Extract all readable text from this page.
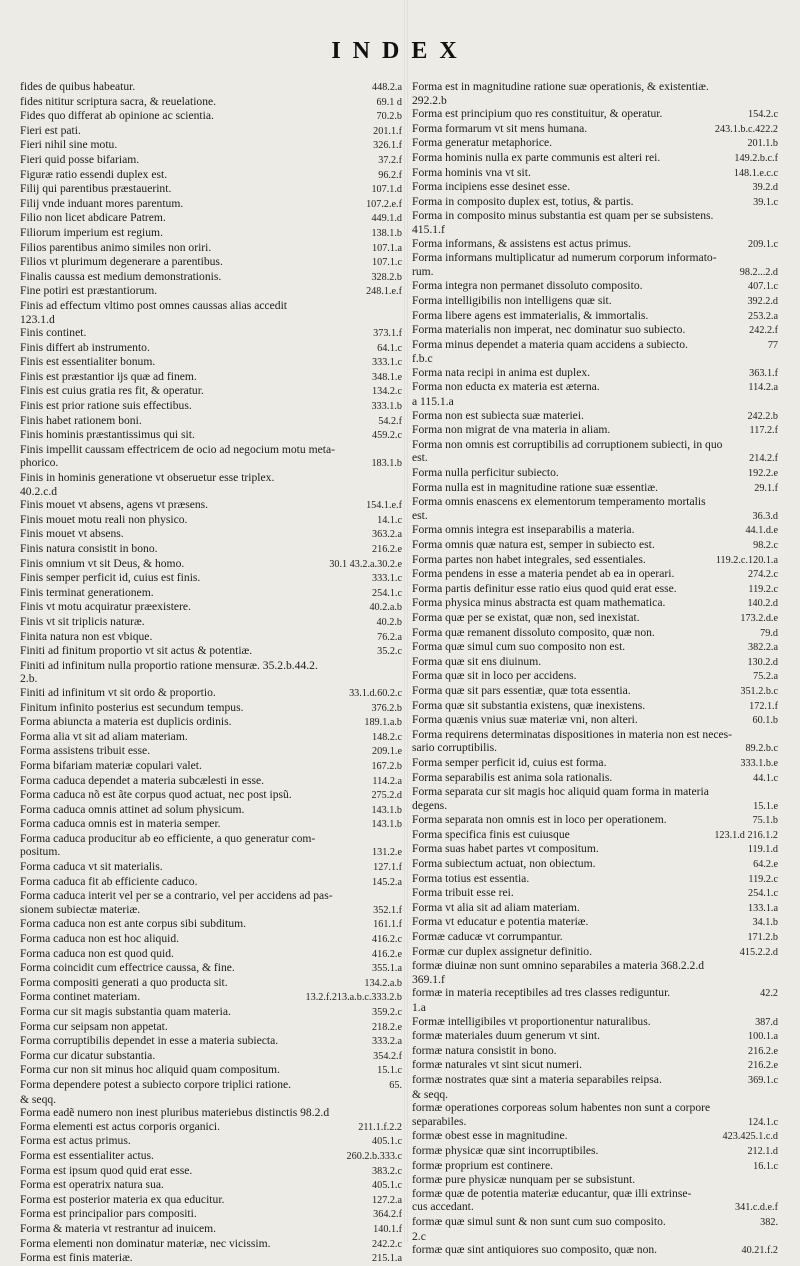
INDEX
fides de quibus habeatur.	448.2.a
fides nititur scriptura sacra, & reuelatione.	69.1 d
Fides quo differat ab opinione ac scientia.	70.2.b
Fieri est pati.	201.1.f
Fieri nihil sine motu.	326.1.f
Fieri quid posse bifariam.	37.2.f
Figuræ ratio essendi duplex est.	96.2.f
Filij qui parentibus præstauerint.	107.1.d
Filij vnde induant mores parentum.	107.2.e.f
Filio non licet abdicare Patrem.	449.1.d
Filiorum imperium est regium.	138.1.b
Filios parentibus animo similes non oriri.	107.1.a
Filios vt plurimum degenerare a parentibus.	107.1.c
Finalis caussa est medium demonstrationis.	328.2.b
Fine potiri est præstantiorum.	248.1.e.f
Finis ad effectum vltimo post omnes caussas alias accedit
123.1.d
Finis continet.	373.1.f
Finis differt ab instrumento.	64.1.c
Finis est essentialiter bonum.	333.1.c
Finis est præstantior ijs quæ ad finem.	348.1.e
Finis est cuius gratia res fit, & operatur.	134.2.c
Finis est prior ratione suis effectibus.	333.1.b
Finis habet rationem boni.	54.2.f
Finis hominis præstantissimus qui sit.	459.2.c
Finis impellit caussam effectricem de ocio ad negocium motu meta-
phorico.	183.1.b
Finis in hominis generatione vt obseruetur esse triplex.
40.2.c.d
Finis mouet vt absens, agens vt præsens.	154.1.e.f
Finis mouet motu reali non physico.	14.1.c
Finis mouet vt absens.	363.2.a
Finis natura consistit in bono.	216.2.e
Finis omnium vt sit Deus, & homo.	30.1 43.2.a.30.2.e
Finis semper perficit id, cuius est finis.	333.1.c
Finis terminat generationem.	254.1.c
Finis vt motu acquiratur præexistere.	40.2.a.b
Finis vt sit triplicis naturæ.	40.2.b
Finita natura non est vbique.	76.2.a
Finiti ad finitum proportio vt sit actus & potentiæ.	35.2.c
Finiti ad infinitum nulla proportio ratione mensuræ. 35.2.b.44.2.
2.b.
Finiti ad infinitum vt sit ordo & proportio.	33.1.d.60.2.c
Finitum infinito posterius est secundum tempus.	376.2.b
Forma abiuncta a materia est duplicis ordinis.	189.1.a.b
Forma alia vt sit ad aliam materiam.	148.2.c
Forma assistens tribuit esse.	209.1.e
Forma bifariam materiæ copulari valet.	167.2.b
Forma caduca dependet a materia subcælesti in esse.	114.2.a
Forma caduca nõ est ãte corpus quod actuat, nec post ipsũ.	275.2.d
Forma caduca omnis attinet ad solum physicum.	143.1.b
Forma caduca omnis est in materia semper.	143.1.b
Forma caduca producitur ab eo efficiente, a quo generatur com-
positum.	131.2.e
Forma caduca vt sit materialis.	127.1.f
Forma caduca fit ab efficiente caduco.	145.2.a
Forma caduca interit vel per se a contrario, vel per accidens ad pas-
sionem subiectæ materiæ.	352.1.f
Forma caduca non est ante corpus sibi subditum.	161.1.f
Forma caduca non est hoc aliquid.	416.2.c
Forma caduca non est quod quid.	416.2.e
Forma coincidit cum effectrice caussa, & fine.	355.1.a
Forma compositi generati a quo producta sit.	134.2.a.b
Forma continet materiam.	13.2.f.213.a.b.c.333.2.b
Forma cur sit magis substantia quam materia.	359.2.c
Forma cur seipsam non appetat.	218.2.e
Forma corruptibilis dependet in esse a materia subiecta.	333.2.a
Forma cur dicatur substantia.	354.2.f
Forma cur non sit minus hoc aliquid quam compositum.	15.1.c
Forma dependere potest a subiecto corpore triplici ratione.	65.
& seqq.
Forma eadẽ numero non inest pluribus materiebus distinctis 98.2.d
Forma elementi est actus corporis organici.	211.1.f.2.2
Forma est actus primus.	405.1.c
Forma est essentialiter actus.	260.2.b.333.c
Forma est ipsum quod quid erat esse.	383.2.c
Forma est operatrix natura sua.	405.1.c
Forma est posterior materia ex qua educitur.	127.2.a
Forma est principalior pars compositi.	364.2.f
Forma & materia vt restrantur ad inuicem.	140.1.f
Forma elementi non dominatur materiæ, nec vicissim.	242.2.c
Forma est finis materiæ.	215.1.a
Forma est in magnitudine ratione suæ operationis, & existentiæ.
292.2.b
Forma est principium quo res constituitur, & operatur.	154.2.c
Forma formarum vt sit mens humana.	243.1.b.c.422.2
Forma generatur metaphorice.	201.1.b
Forma hominis nulla ex parte communis est alteri rei.	149.2.b.c.f
Forma hominis vna vt sit.	148.1.e.c.c
Forma incipiens esse desinet esse.	39.2.d
Forma in composito duplex est, totius, & partis.	39.1.c
Forma in composito minus substantia est quam per se subsistens.
415.1.f
Forma informans, & assistens est actus primus.	209.1.c
Forma informans multiplicatur ad numerum corporum informato-
rum.	98.2...2.d
Forma integra non permanet dissoluto composito.	407.1.c
Forma intelligibilis non intelligens quæ sit.	392.2.d
Forma libere agens est immaterialis, & immortalis.	253.2.a
Forma materialis non imperat, nec dominatur suo subiecto.	242.2.f
Forma minus dependet a materia quam accidens a subiecto.	77
f.b.c
Forma nata recipi in anima est duplex.	363.1.f
Forma non educta ex materia est æterna.	114.2.a
a 115.1.a
Forma non est subiecta suæ materiei.	242.2.b
Forma non migrat de vna materia in aliam.	117.2.f
Forma non omnis est corruptibilis ad corruptionem subiecti, in quo
est.	214.2.f
Forma nulla perficitur subiecto.	192.2.e
Forma nulla est in magnitudine ratione suæ essentiæ.	29.1.f
Forma omnis enascens ex elementorum temperamento mortalis
est.	36.3.d
Forma omnis integra est inseparabilis a materia.	44.1.d.e
Forma omnis quæ natura est, semper in subiecto est.	98.2.c
Forma partes non habet integrales, sed essentiales.	119.2.c.120.1.a
Forma pendens in esse a materia pendet ab ea in operari.	274.2.c
Forma partis definitur esse ratio eius quod quid erat esse.	119.2.c
Forma physica minus abstracta est quam mathematica.	140.2.d
Forma quæ per se existat, quæ non, sed inexistat.	173.2.d.e
Forma quæ remanent dissoluto composito, quæ non.	79.d
Forma quæ simul cum suo composito non est.	382.2.a
Forma quæ sit ens diuinum.	130.2.d
Forma quæ sit in loco per accidens.	75.2.a
Forma quæ sit pars essentiæ, quæ tota essentia.	351.2.b.c
Forma quæ sit substantia existens, quæ inexistens.	172.1.f
Forma quænis vnius suæ materiæ vni, non alteri.	60.1.b
Forma requirens determinatas dispositiones in materia non est neces-
sario corruptibilis.	89.2.b.c
Forma semper perficit id, cuius est forma.	333.1.b.e
Forma separabilis est anima sola rationalis.	44.1.c
Forma separata cur sit magis hoc aliquid quam forma in materia
degens.	15.1.e
Forma separata non omnis est in loco per operationem.	75.1.b
Forma specifica finis est cuiusque	123.1.d 216.1.2
Forma suas habet partes vt compositum.	119.1.d
Forma subiectum actuat, non obiectum.	64.2.e
Forma totius est essentia.	119.2.c
Forma tribuit esse rei.	254.1.c
Forma vt alia sit ad aliam materiam.	133.1.a
Forma vt educatur e potentia materiæ.	34.1.b
Formæ caducæ vt corrumpantur.	171.2.b
Formæ cur duplex assignetur definitio.	415.2.2.d
formæ diuinæ non sunt omnino separabiles a materia 368.2.2.d
369.1.f
formæ in materia receptibiles ad tres classes rediguntur.	42.2
1.a
Formæ intelligibiles vt proportionentur naturalibus.	387.d
formæ materiales duum generum vt sint.	100.1.a
formæ natura consistit in bono.	216.2.e
formæ naturales vt sint sicut numeri.	216.2.e
formæ nostrates quæ sint a materia separabiles reipsa.	369.1.c
& seqq.
formæ operationes corporeas solum habentes non sunt a corpore
separabiles.	124.1.c
formæ obest esse in magnitudine.	423.425.1.c.d
formæ physicæ quæ sint incorruptibiles.	212.1.d
formæ proprium est continere.	16.1.c
formæ pure physicæ nunquam per se subsistunt.
formæ quæ de potentia materiæ educantur, quæ illi extrinse-
cus accedant.	341.c.d.e.f
formæ quæ simul sunt & non sunt cum suo composito.	382.
2.c
formæ quæ sint antiquiores suo composito, quæ non.	40.21.f.2
